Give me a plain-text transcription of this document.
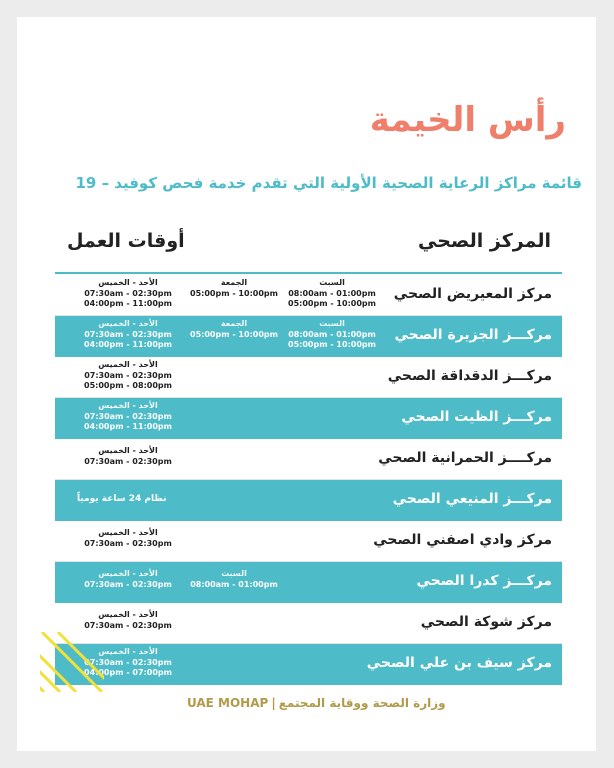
رأس الخيمة
قائمة مراكز الرعاية الصحية الأولية التي تقدم خدمة فحص كوفيد – 19
المركز الصحي
أوقات العمل
مركز المعيريض الصحي
الأحد - الخميس
07:30am - 02:30pm
04:00pm - 11:00pm
الجمعة
05:00pm - 10:00pm
السبت
08:00am - 01:00pm
05:00pm - 10:00pm
مركـــز الجزيرة الصحي
الأحد - الخميس
07:30am - 02:30pm
04:00pm - 11:00pm
الجمعة
05:00pm - 10:00pm
السبت
08:00am - 01:00pm
05:00pm - 10:00pm
مركـــز الدقداقة الصحي
الأحد - الخميس
07:30am - 02:30pm
05:00pm - 08:00pm
مركـــز الظيت الصحي
الأحد - الخميس
07:30am - 02:30pm
04:00pm - 11:00pm
مركــــز الحمرانية الصحي
الأحد - الخميس
07:30am - 02:30pm
مركـــز المنيعي الصحي
نظام 24 ساعة يومياً
مركز وادي اصفني الصحي
الأحد - الخميس
07:30am - 02:30pm
مركـــز كدرا الصحي
الأحد - الخميس
07:30am - 02:30pm
السبت
08:00am - 01:00pm
مركز شوكة الصحي
الأحد - الخميس
07:30am - 02:30pm
مركز سيف بن علي الصحي
الأحد - الخميس
07:30am - 02:30pm
04:00pm - 07:00pm
UAE MOHAP | وزارة الصحة ووقاية المجتمع
